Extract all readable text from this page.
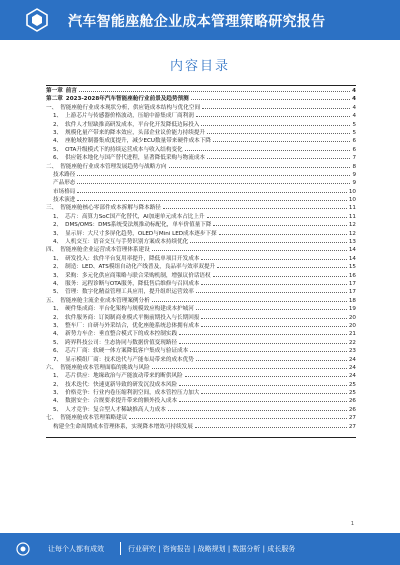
汽车智能座舱企业成本管理策略研究报告
内容目录
第一章 前言	4
第二章 2023-2028年汽车智能座舱行业前景及趋势预测	4
一、 智能座舱行业成本现状分析，供应链成本结构与优化空间	4
1、 上游芯片与传感器价格波动，压缩中游集成厂商利润	4
2、 软件人才短缺推高研发成本，平台化开发降低边际投入	5
3、 规模化量产带来的降本效应，头部企业议价能力持续提升	5
4、 座舱域控制器集成度提升，减少ECU数量带来硬件成本下降	6
5、 OTA升级模式下的持续运营成本与收入结构变化	6
6、 供应链本地化与国产替代进程，显著降低采购与物流成本	7
二、 智能座舱行业成本管理发展趋势与战略方向	8
技术路径	9
产品形态	9
市场格局	10
技术演进	10
三、 智能座舱核心零部件成本拆解与降本路径	11
1、 芯片：高算力SoC国产化替代，AI加速单元成本占比上升	11
2、 DMS/OMS：DMS系统受法规推动标配化，单车价值量下降	12
3、 显示屏：大尺寸多屏化趋势，OLED与Mini LED成本逐步下探	12
4、 人机交互：语音交互与手势识别方案成本持续优化	13
四、 智能座舱企业运营成本管理体系建设	14
1、 研发投入：软件平台复用率提升，降低单项目开发成本	14
2、 制造：LED、ATS模组自动化产线普及，良品率与效率双提升	15
3、 采购：多元化供应商策略与联合采购机制，增强议价话语权	16
4、 服务：远程诊断与OTA服务，降低售后维修与召回成本	17
5、 管理：数字化精益管理工具应用，提升组织运营效率	17
五、 智能座舱主流企业成本管理案例分析	18
1、 硬件集成商：平台化架构与规模效应构建成本护城河	19
2、 软件服务商：订阅制商业模式平衡前期投入与长期回报	20
3、 整车厂：自研与外采结合，优化座舱系统总体拥有成本	20
4、 新势力车企：垂直整合模式下的成本控制实践	21
5、 跨界科技公司：生态协同与数据价值变现路径	22
6、 芯片厂商：软硬一体方案降低客户集成与验证成本	23
7、 显示模组厂商：技术迭代与产能布局带来的成本优势	24
六、 智能座舱成本管理面临的挑战与风险	24
1、 芯片供应：地缘政治与产能波动带来的断供风险	24
2、 技术迭代：快速更新导致的研发沉没成本风险	25
3、 价格竞争：行业内卷压缩利润空间，成本管控压力加大	25
4、 数据安全：合规要求提升带来的额外投入成本	26
5、 人才竞争：复合型人才稀缺推高人力成本	26
七、 智能座舱成本管理策略建议	27
构建全生命周期成本管理体系，实现降本增效可持续发展	27
1
让每个人都有成效	行业研究 | 咨询报告 | 战略规划 | 数据分析 | 成长服务
